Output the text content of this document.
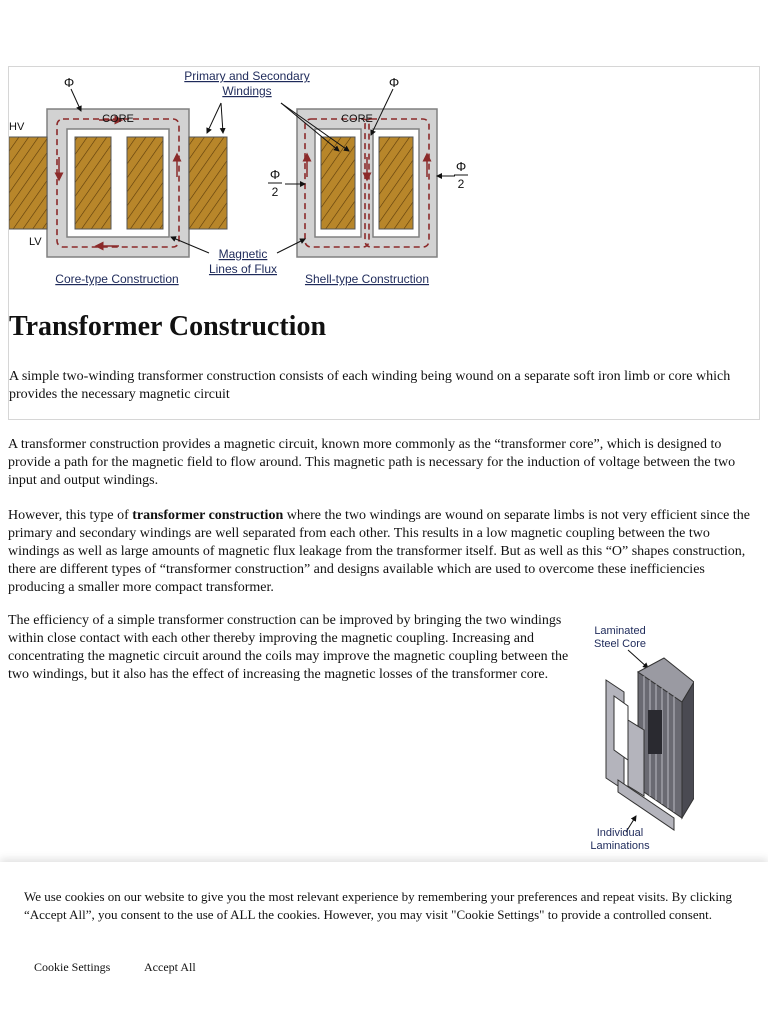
Φ	Φ
Primary and Secondary
Windings
CORE	CORE
HV
LV
Φ
2
Φ
2
Magnetic
Lines of Flux
Core-type Construction	Shell-type Construction
Transformer Construction

A simple two-winding transformer construction consists of each winding being wound on a separate soft iron limb or core which provides the necessary magnetic circuit

A transformer construction provides a magnetic circuit, known more commonly as the “transformer core”, which is designed to provide a path for the magnetic field to flow around. This magnetic path is necessary for the induction of voltage between the two input and output windings.

However, this type of transformer construction where the two windings are wound on separate limbs is not very efficient since the primary and secondary windings are well separated from each other. This results in a low magnetic coupling between the two windings as well as large amounts of magnetic flux leakage from the transformer itself. But as well as this “O” shapes construction, there are different types of “transformer construction” and designs available which are used to overcome these inefficiencies producing a smaller more compact transformer.

The efficiency of a simple transformer construction can be improved by bringing the two windings within close contact with each other thereby improving the magnetic coupling. Increasing and concentrating the magnetic circuit around the coils may improve the magnetic coupling between the two windings, but it also has the effect of increasing the magnetic losses of the transformer core.

Laminated
Steel Core
Individual
Laminations

We use cookies on our website to give you the most relevant experience by remembering your preferences and repeat visits. By clicking “Accept All”, you consent to the use of ALL the cookies. However, you may visit "Cookie Settings" to provide a controlled consent.

Cookie Settings	Accept All
